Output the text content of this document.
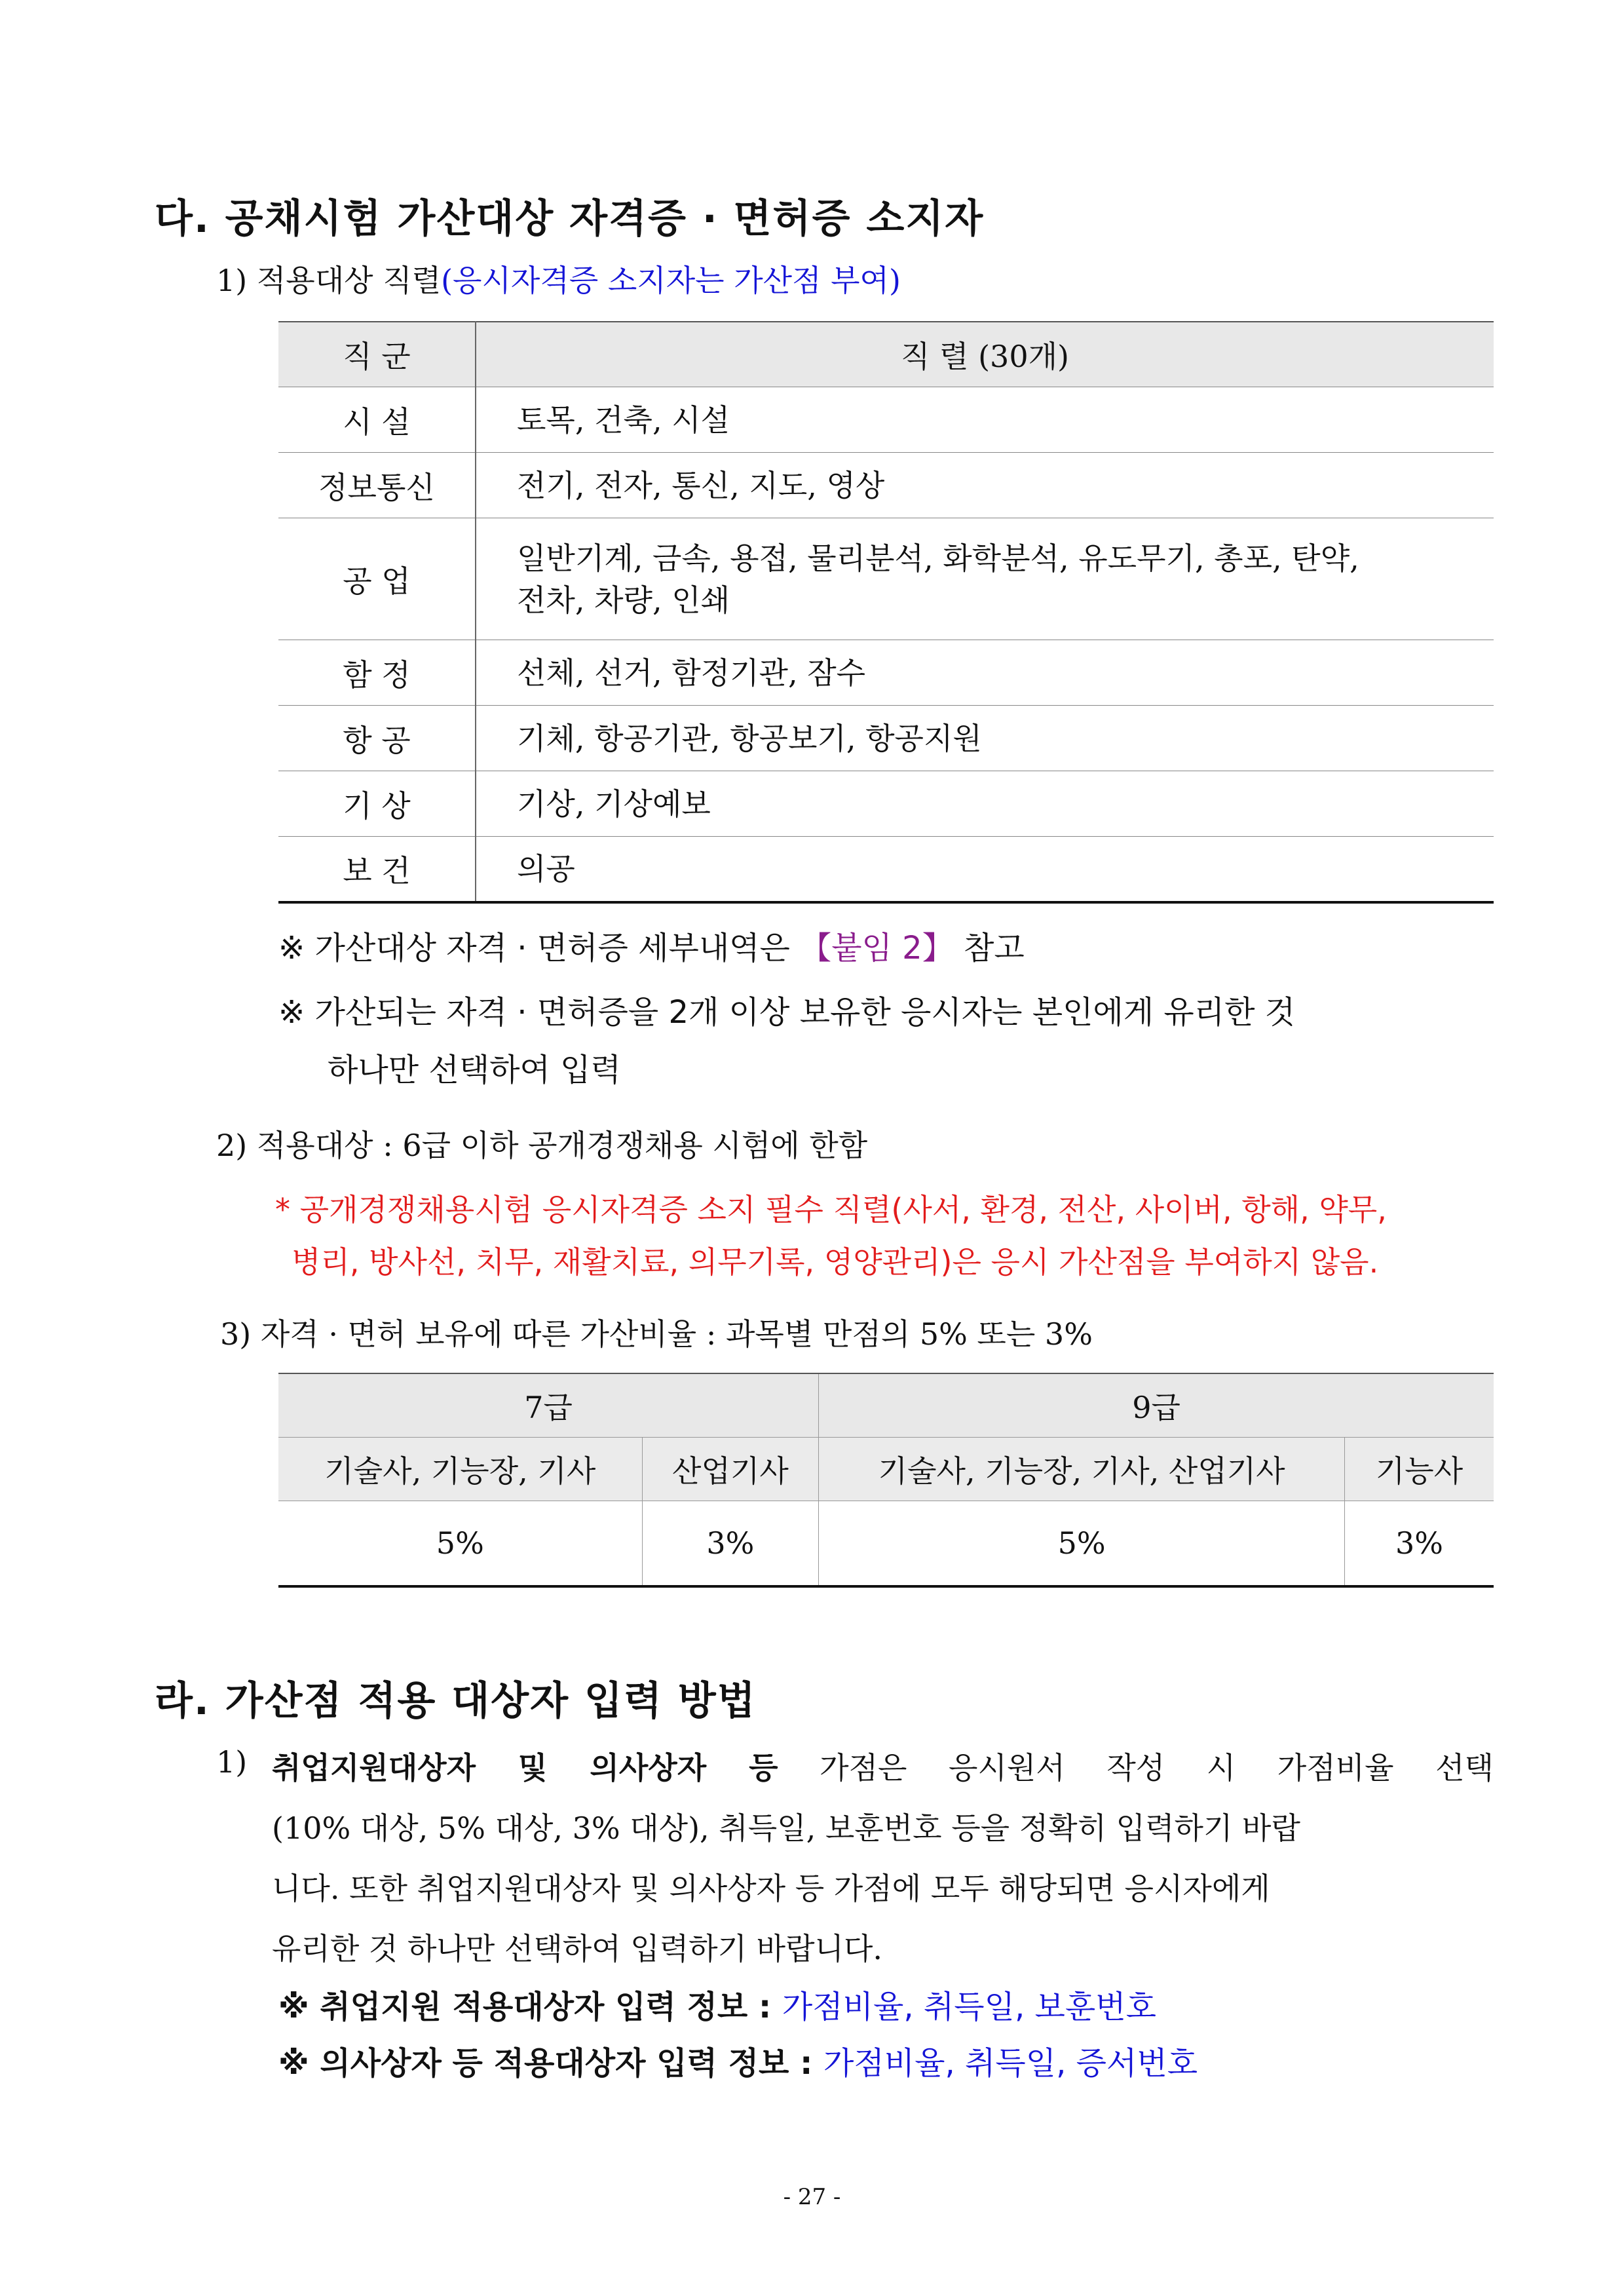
다. 공채시험 가산대상 자격증 · 면허증 소지자
1) 적용대상 직렬(응시자격증 소지자는 가산점 부여)
직 군	직 렬 (30개)
시 설	토목, 건축, 시설
정보통신	전기, 전자, 통신, 지도, 영상
공 업	일반기계, 금속, 용접, 물리분석, 화학분석, 유도무기, 총포, 탄약,
전차, 차량, 인쇄

함 정	선체, 선거, 함정기관, 잠수
항 공	기체, 항공기관, 항공보기, 항공지원
기 상	기상, 기상예보
보 건	의공
※ 가산대상 자격 · 면허증 세부내역은 【붙임 2】 참고
※ 가산되는 자격 · 면허증을 2개 이상 보유한 응시자는 본인에게 유리한 것
하나만 선택하여 입력
2) 적용대상 : 6급 이하 공개경쟁채용 시험에 한함
* 공개경쟁채용시험 응시자격증 소지 필수 직렬(사서, 환경, 전산, 사이버, 항해, 약무,
병리, 방사선, 치무, 재활치료, 의무기록, 영양관리)은 응시 가산점을 부여하지 않음.
3) 자격 · 면허 보유에 따른 가산비율 : 과목별 만점의 5% 또는 3%
7급		9급	
기술사, 기능장, 기사	산업기사	기술사, 기능장, 기사, 산업기사	기능사
5%	3%	5%	3%
라. 가산점 적용 대상자 입력 방법
1) 취업지원대상자 및 의사상자 등 가점은 응시원서 작성 시 가점비율 선택
(10% 대상, 5% 대상, 3% 대상), 취득일, 보훈번호 등을 정확히 입력하기 바랍
니다. 또한 취업지원대상자 및 의사상자 등 가점에 모두 해당되면 응시자에게
유리한 것 하나만 선택하여 입력하기 바랍니다.
※ 취업지원 적용대상자 입력 정보 : 가점비율, 취득일, 보훈번호
※ 의사상자 등 적용대상자 입력 정보 : 가점비율, 취득일, 증서번호
- 27 -
